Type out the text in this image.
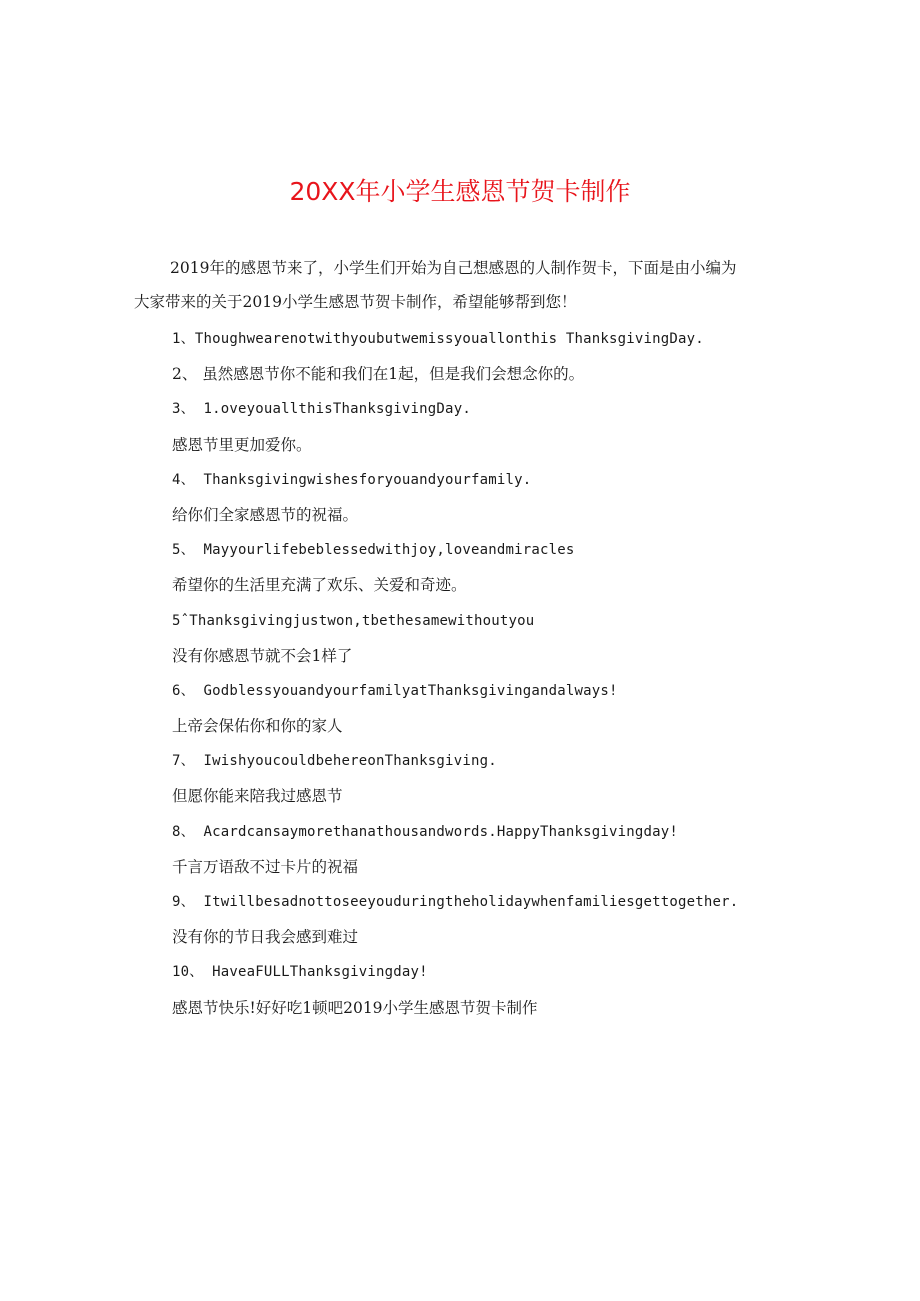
20XX年小学生感恩节贺卡制作

2019年的感恩节来了，小学生们开始为自己想感恩的人制作贺卡，下面是由小编为
大家带来的关于2019小学生感恩节贺卡制作，希望能够帮到您！

1、Thoughwearenotwithyoubutwemissyouallonthis ThanksgivingDay.
2、 虽然感恩节你不能和我们在1起，但是我们会想念你的。
3、 1.oveyouallthisThanksgivingDay.
感恩节里更加爱你。
4、 Thanksgivingwishesforyouandyourfamily.
给你们全家感恩节的祝福。
5、 Mayyourlifebeblessedwithjoy,loveandmiracles
希望你的生活里充满了欢乐、关爱和奇迹。
5ˆThanksgivingjustwon‚tbethesamewithoutyou
没有你感恩节就不会1样了
6、 GodblessyouandyourfamilyatThanksgivingandalways!
上帝会保佑你和你的家人
7、 IwishyoucouldbehereonThanksgiving.
但愿你能来陪我过感恩节
8、 Acardcansaymorethanathousandwords.HappyThanksgivingday!
千言万语敌不过卡片的祝福
9、 Itwillbesadnottoseeyouduringtheholidaywhenfamiliesgettogether.
没有你的节日我会感到难过
10、 HaveaFULLThanksgivingday!
感恩节快乐!好好吃1顿吧2019小学生感恩节贺卡制作
